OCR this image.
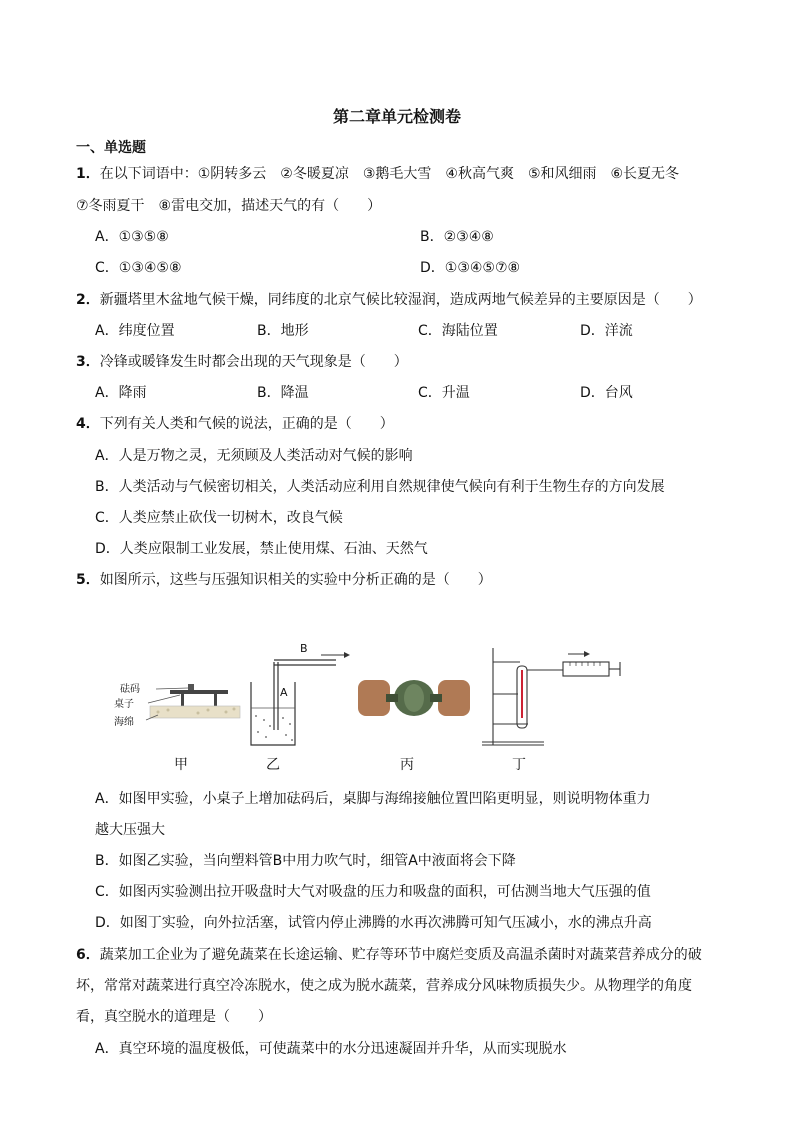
第二章单元检测卷
一、单选题
1．在以下词语中：①阴转多云　②冬暖夏凉　③鹅毛大雪　④秋高气爽　⑤和风细雨　⑥长夏无冬
⑦冬雨夏干　⑧雷电交加，描述天气的有（　　）
A．①③⑤⑧	B．②③④⑧
C．①③④⑤⑧	D．①③④⑤⑦⑧
2．新疆塔里木盆地气候干燥，同纬度的北京气候比较湿润，造成两地气候差异的主要原因是（　　）
A．纬度位置	B．地形	C．海陆位置	D．洋流
3．冷锋或暖锋发生时都会出现的天气现象是（　　）
A．降雨	B．降温	C．升温	D．台风
4．下列有关人类和气候的说法，正确的是（　　）
A．人是万物之灵，无须顾及人类活动对气候的影响
B．人类活动与气候密切相关，人类活动应利用自然规律使气候向有利于生物生存的方向发展
C．人类应禁止砍伐一切树木，改良气候
D．人类应限制工业发展，禁止使用煤、石油、天然气
5．如图所示，这些与压强知识相关的实验中分析正确的是（　　）
砝码
桌子
海绵
B
A
甲	乙	丙	丁
A．如图甲实验，小桌子上增加砝码后，桌脚与海绵接触位置凹陷更明显，则说明物体重力
越大压强大
B．如图乙实验，当向塑料管B中用力吹气时，细管A中液面将会下降
C．如图丙实验测出拉开吸盘时大气对吸盘的压力和吸盘的面积，可估测当地大气压强的值
D．如图丁实验，向外拉活塞，试管内停止沸腾的水再次沸腾可知气压减小，水的沸点升高
6．蔬菜加工企业为了避免蔬菜在长途运输、贮存等环节中腐烂变质及高温杀菌时对蔬菜营养成分的破
坏，常常对蔬菜进行真空冷冻脱水，使之成为脱水蔬菜，营养成分风味物质损失少。从物理学的角度
看，真空脱水的道理是（　　）
A．真空环境的温度极低，可使蔬菜中的水分迅速凝固并升华，从而实现脱水
